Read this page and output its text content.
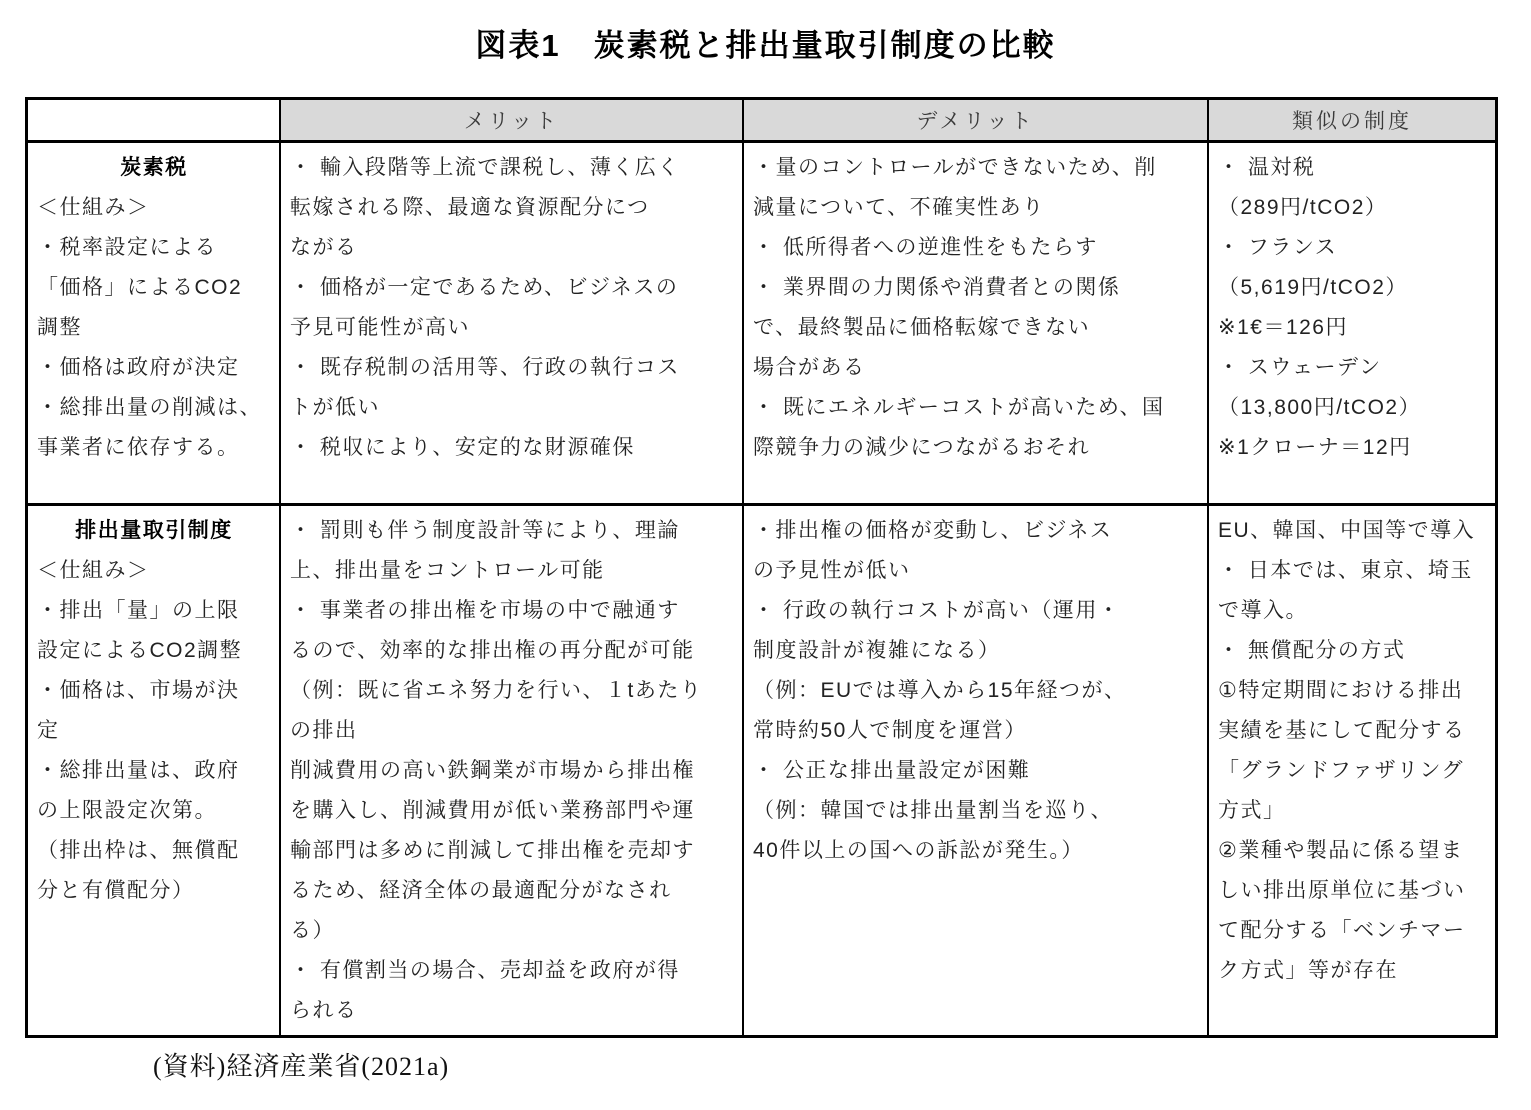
図表1　炭素税と排出量取引制度の比較
メリット	デメリット	類似の制度
炭素税
＜仕組み＞
・税率設定による
「価格」によるCO2
調整
・価格は政府が決定
・総排出量の削減は、
事業者に依存する。
・ 輸入段階等上流で課税し、薄く広く
転嫁される際、最適な資源配分につ
ながる
・ 価格が一定であるため、ビジネスの
予見可能性が高い
・ 既存税制の活用等、行政の執行コス
トが低い
・ 税収により、安定的な財源確保
・量のコントロールができないため、削
減量について、不確実性あり
・ 低所得者への逆進性をもたらす
・ 業界間の力関係や消費者との関係
で、最終製品に価格転嫁できない
場合がある
・ 既にエネルギーコストが高いため、国
際競争力の減少につながるおそれ
・ 温対税
（289円/tCO2）
・ フランス
（5,619円/tCO2）
※1€＝126円
・ スウェーデン
（13,800円/tCO2）
※1クローナ＝12円
排出量取引制度
＜仕組み＞
・排出「量」の上限
設定によるCO2調整
・価格は、市場が決
定
・総排出量は、政府
の上限設定次第。
（排出枠は、無償配
分と有償配分）
・ 罰則も伴う制度設計等により、理論
上、排出量をコントロール可能
・ 事業者の排出権を市場の中で融通す
るので、効率的な排出権の再分配が可能
（例：既に省エネ努力を行い、１tあたり
の排出
削減費用の高い鉄鋼業が市場から排出権
を購入し、削減費用が低い業務部門や運
輸部門は多めに削減して排出権を売却す
るため、経済全体の最適配分がなされ
る）
・ 有償割当の場合、売却益を政府が得
られる
・排出権の価格が変動し、ビジネス
の予見性が低い
・ 行政の執行コストが高い（運用・
制度設計が複雑になる）
（例：EUでは導入から15年経つが、
常時約50人で制度を運営）
・ 公正な排出量設定が困難
（例：韓国では排出量割当を巡り、
40件以上の国への訴訟が発生。）
EU、韓国、中国等で導入
・ 日本では、東京、埼玉
で導入。
・ 無償配分の方式
①特定期間における排出
実績を基にして配分する
「グランドファザリング
方式」
②業種や製品に係る望ま
しい排出原単位に基づい
て配分する「ベンチマー
ク方式」等が存在
(資料)経済産業省(2021a)
